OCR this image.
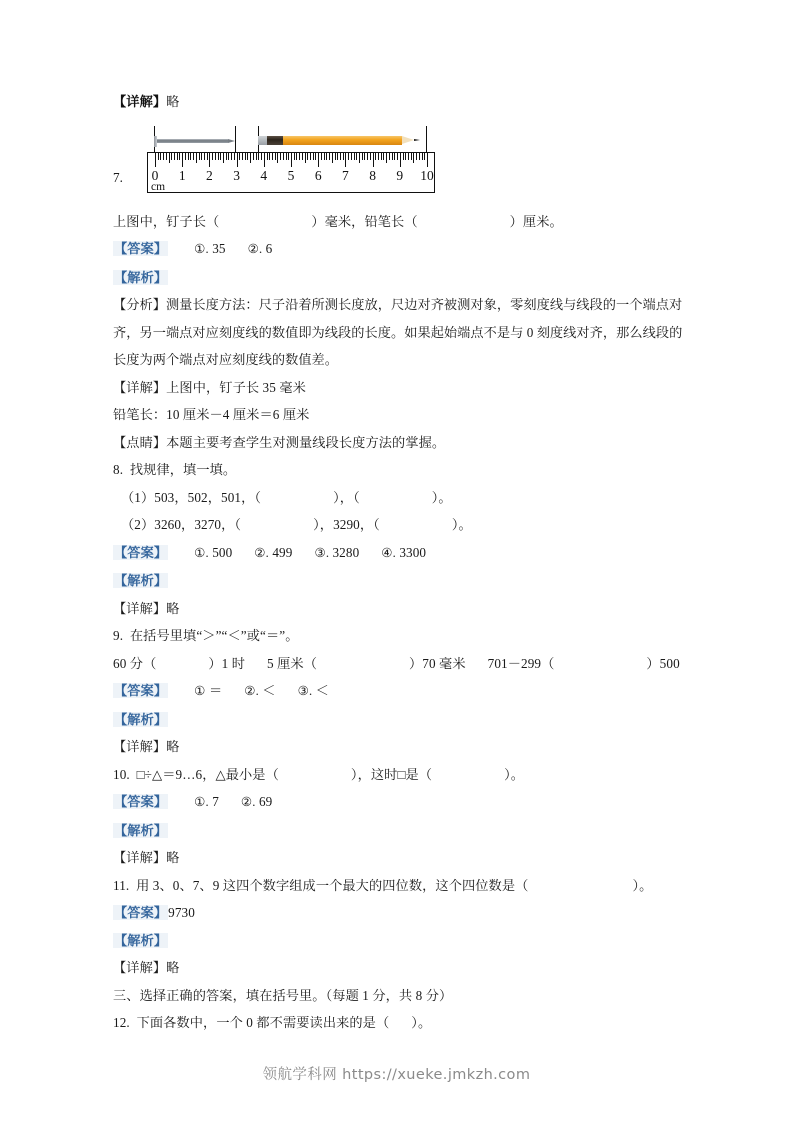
【详解】略
7.
cm
0 1 2 3 4 5 6 7 8 9 10
上图中，钉子长（	）毫米，铅笔长（	）厘米。
【答案】 ①. 35 ②. 6
【解析】
【分析】测量长度方法：尺子沿着所测长度放，尺边对齐被测对象，零刻度线与线段的一个端点对齐，另一端点对应刻度线的数值即为线段的长度。如果起始端点不是与 0 刻度线对齐，那么线段的长度为两个端点对应刻度线的数值差。
【详解】上图中，钉子长 35 毫米
铅笔长：10 厘米－4 厘米＝6 厘米
【点睛】本题主要考查学生对测量线段长度方法的掌握。
8. 找规律，填一填。
（1）503，502，501，（	），（	）。
（2）3260，3270，（	），3290，（	）。
【答案】 ①. 500 ②. 499 ③. 3280 ④. 3300
【解析】
【详解】略
9. 在括号里填“＞”“＜”或“＝”。
60 分（	）1 时 5 厘米（	）70 毫米 701－299（	）500
【答案】 ① ＝ ②. ＜ ③. ＜
【解析】
【详解】略
10. □÷△＝9…6，△最小是（	），这时□是（	）。
【答案】 ①. 7 ②. 69
【解析】
【详解】略
11. 用 3、0、7、9 这四个数字组成一个最大的四位数，这个四位数是（	）。
【答案】9730
【解析】
【详解】略
三、选择正确的答案，填在括号里。（每题 1 分，共 8 分）
12. 下面各数中，一个 0 都不需要读出来的是（ ）。
领航学科网 https://xueke.jmkzh.com
